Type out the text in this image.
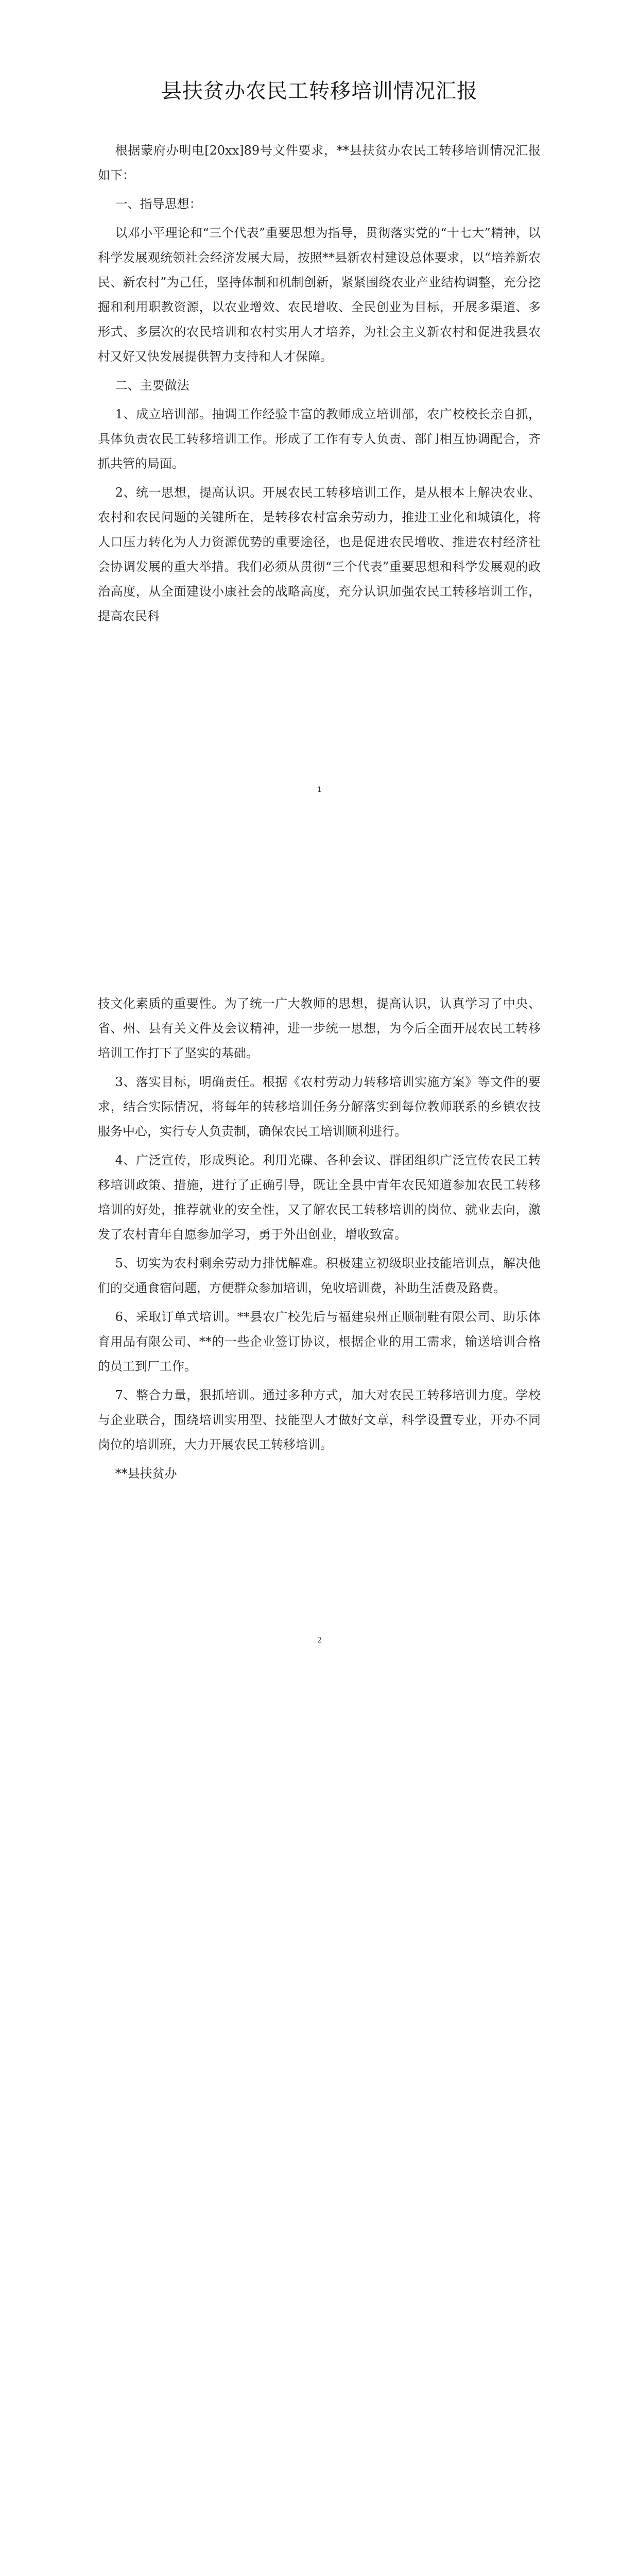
县扶贫办农民工转移培训情况汇报

根据蒙府办明电[20xx]89号文件要求，**县扶贫办农民工转移培训情况汇报如下：

一、指导思想：

以邓小平理论和“三个代表”重要思想为指导，贯彻落实党的“十七大”精神，以科学发展观统领社会经济发展大局，按照**县新农村建设总体要求，以“培养新农民、新农村”为己任，坚持体制和机制创新，紧紧围绕农业产业结构调整，充分挖掘和利用职教资源，以农业增效、农民增收、全民创业为目标，开展多渠道、多形式、多层次的农民培训和农村实用人才培养，为社会主义新农村和促进我县农村又好又快发展提供智力支持和人才保障。

二、主要做法

1、成立培训部。抽调工作经验丰富的教师成立培训部，农广校校长亲自抓，具体负责农民工转移培训工作。形成了工作有专人负责、部门相互协调配合，齐抓共管的局面。

2、统一思想，提高认识。开展农民工转移培训工作，是从根本上解决农业、农村和农民问题的关键所在，是转移农村富余劳动力，推进工业化和城镇化，将人口压力转化为人力资源优势的重要途径，也是促进农民增收、推进农村经济社会协调发展的重大举措。我们必须从贯彻“三个代表”重要思想和科学发展观的政治高度，从全面建设小康社会的战略高度，充分认识加强农民工转移培训工作，提高农民科

1

技文化素质的重要性。为了统一广大教师的思想，提高认识，认真学习了中央、省、州、县有关文件及会议精神，进一步统一思想，为今后全面开展农民工转移培训工作打下了坚实的基础。

3、落实目标，明确责任。根据《农村劳动力转移培训实施方案》等文件的要求，结合实际情况，将每年的转移培训任务分解落实到每位教师联系的乡镇农技服务中心，实行专人负责制，确保农民工培训顺利进行。

4、广泛宣传，形成舆论。利用光碟、各种会议、群团组织广泛宣传农民工转移培训政策、措施，进行了正确引导，既让全县中青年农民知道参加农民工转移培训的好处，推荐就业的安全性，又了解农民工转移培训的岗位、就业去向，激发了农村青年自愿参加学习，勇于外出创业，增收致富。

5、切实为农村剩余劳动力排忧解难。积极建立初级职业技能培训点，解决他们的交通食宿问题，方便群众参加培训，免收培训费，补助生活费及路费。

6、采取订单式培训。**县农广校先后与福建泉州正顺制鞋有限公司、助乐体育用品有限公司、**的一些企业签订协议，根据企业的用工需求，输送培训合格的员工到厂工作。

7、整合力量，狠抓培训。通过多种方式，加大对农民工转移培训力度。学校与企业联合，围绕培训实用型、技能型人才做好文章，科学设置专业，开办不同岗位的培训班，大力开展农民工转移培训。

**县扶贫办

2
